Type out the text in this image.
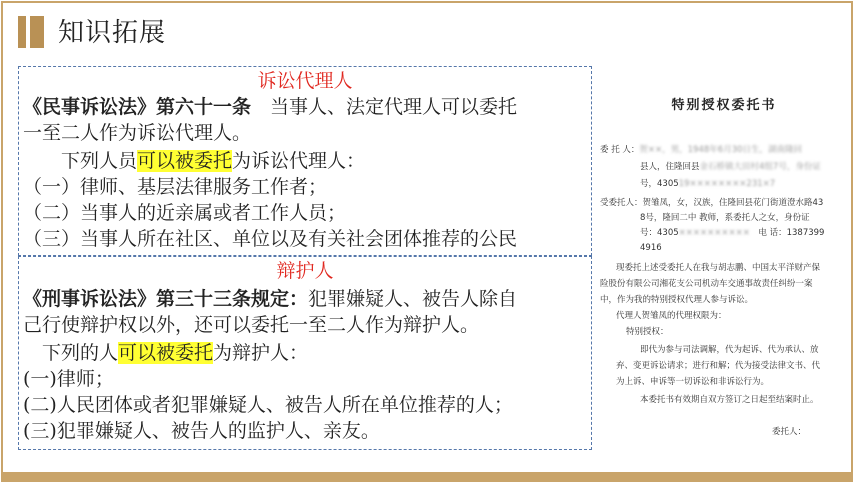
知识拓展
诉讼代理人
《民事诉讼法》第六十一条　当事人、法定代理人可以委托
一至二人作为诉讼代理人。
　　下列人员可以被委托为诉讼代理人：
（一）律师、基层法律服务工作者；
（二）当事人的近亲属或者工作人员；
（三）当事人所在社区、单位以及有关社会团体推荐的公民
辩护人
《刑事诉讼法》第三十三条规定：犯罪嫌疑人、被告人除自
己行使辩护权以外，还可以委托一至二人作为辩护人。
　下列的人可以被委托为辩护人：
(一)律师；
(二)人民团体或者犯罪嫌疑人、被告人所在单位推荐的人；
(三)犯罪嫌疑人、被告人的监护人、亲友。
特别授权委托书
委 托 人：贺××，男，1948年6月30日生，湖南隆回
县人，住隆回县金石桥镇大田村4组7号，身份证
号，430519××××××××231×7
受委托人：贺雏凤，女，汉族，住隆回县花门街道澄水路43
8号，隆回二中 教师，系委托人之女，身份证
号：4305××××××××××　 电 话：1387399
4916
现委托上述受委托人在我与胡志鹏、中国太平洋财产保
险股份有限公司湘花支公司机动车交通事故责任纠纷一案
中，作为我的特别授权代理人参与诉讼。
代理人贺雏凤的代理权限为：
特别授权：
即代为参与司法调解，代为起诉、代为承认、放
弃、变更诉讼请求；进行和解；代为接受法律文书、代
为上诉、申诉等一切诉讼和非诉讼行为。
本委托书有效期自双方签订之日起至结案时止。
委托人：
